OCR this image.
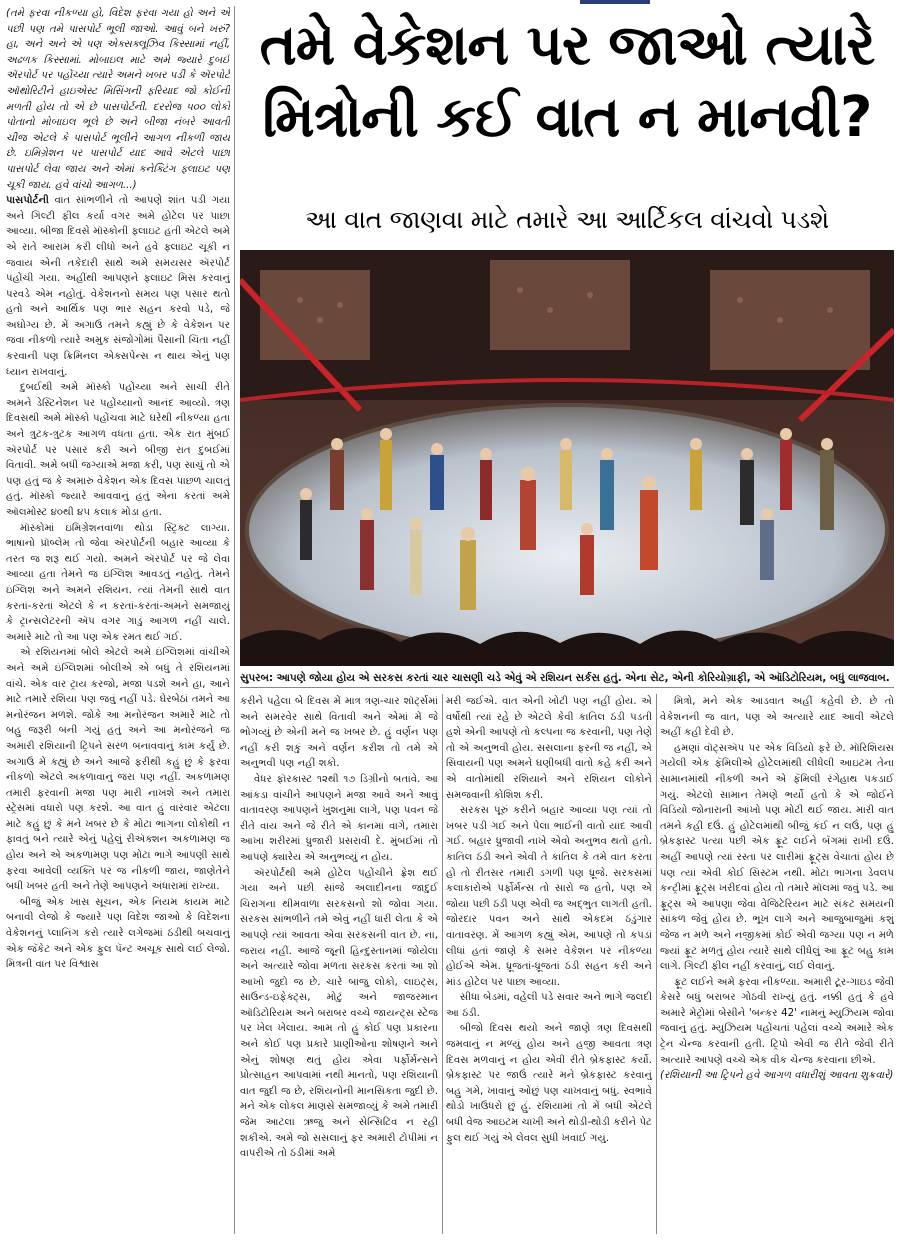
(તમે ફરવા નીકળ્યા હો, વિદેશ ફરવા ગયા હો અને એ પછી પણ તમે પાસપોર્ટ ભૂલી જાઓ. આવું બને ખરું? હા, અને અને એ પણ એક્સક્લૂઝિવ કિસ્સામાં નહીં, અઢળક કિસ્સામાં. મોબાઇલ માટે અમે જ્યારે દુબઈ ઍરપોર્ટ પર પહોંચ્યા ત્યારે અમને ખબર પડી કે ઍરપોર્ટ ઑથોરિટીને હાઇએસ્ટ મિસિંગની ફરિયાદ જો કોઈની મળતી હોય તો એ છે પાસપોર્ટની. દરરોજ ૫૦૦ લોકો પોતાનો મોબાઇલ ભૂલે છે અને બીજા નંબરે આવતી ચીજ એટલે કે પાસપોર્ટ ભૂલીને આગળ નીકળી જાય છે. ઇમિગ્રેશન પર પાસપોર્ટ યાદ આવે એટલે પાછા પાસપોર્ટ લેવા જાય અને એમાં કનેક્ટિંગ ફ્લાઇટ પણ ચૂકી જાય. હવે વાંચો આગળ...)

પાસપોર્ટની વાત સાંભળીને તો આપણે શાંત પડી ગયા અને ગિલ્ટી ફીલ કર્યા વગર અમે હોટેલ પર પાછા આવ્યા. બીજા દિવસે મૉસ્કોની ફ્લાઇટ હતી એટલે અમે એ રાતે આરામ કરી લીધો અને હવે ફ્લાઇટ ચૂકી ન જવાય એની તકેદારી સાથે અમે સમયસર ઍરપોર્ટ પહોંચી ગયા. અહીંથી આપણને ફ્લાઇટ મિસ કરવાનું પરવડે એમ નહોતું. વેકેશનનો સમય પણ પસાર થતો હતો અને આર્થિક પણ ભાર સહન કરવો પડે, જે અઘોગ્ય છે. મેં અગાઉ તમને કહ્યું છે કે વેકેશન પર જવા નીકળો ત્યારે અમુક સંજોગોમાં પૈસાની ચિંતા નહીં કરવાની પણ ક્રિમિનલ એક્સપેન્સ ન થાય એનું પણ ધ્યાન રાખવાનું.

દુબઈથી અમે મૉસ્કો પહોંચ્યા અને સાચી રીતે અમને ડેસ્ટિનેશન પર પહોંચ્યાનો આનંદ આવ્યો. ત્રણ દિવસથી અમે મૉસ્કો પહોંચવા માટે ઘરેથી નીકળ્યા હતા અને ત્રુટક-ત્રુટક આગળ વધતા હતા. એક રાત મુંબઈ ઍરપોર્ટ પર પસાર કરી અને બીજી રાત દુબઈમાં વિતાવી. અમે બધી જગ્યાએ મજા કરી, પણ સાચું તો એ પણ હતું જ કે અમારું વેકેશન એક દિવસ પાછળ ચાલતું હતું. મૉસ્કો જ્યારે આવવાનું હતું એના કરતાં અમે ઑલમોસ્ટ ૪૦થી ૪૫ કલાક મોડા હતા.

મૉસ્કોમાં ઇમિગ્રેશનવાળા થોડા સ્ટ્રિક્ટ લાગ્યા. ભાષાનો પ્રૉબ્લેમ તો જેવા ઍરપોર્ટની બહાર આવ્યા કે તરત જ શરૂ થઈ ગયો. અમને ઍરપોર્ટ પર જે લેવા આવ્યા હતા તેમને જ ઇંગ્લિશ આવડતું નહોતું. તેમને ઇંગ્લિશ અને અમને રશિયન. ત્યાં તેમની સાથે વાત કરતાં-કરતાં એટલે કે ન કરતાં-કરતાં-અમને સમજાયું કે ટ્રાન્સલેટરની ઍપ વગર ગાડું આગળ નહીં ચાલે. અમારે માટે તો આ પણ એક રમત થઈ ગઈ.

એ રશિયનમાં બોલે એટલે અમે ઇંગ્લિશમાં વાંચીએ અને અમે ઇંગ્લિશમાં બોલીએ એ બધું તે રશિયનમાં વાંચે. એક વાર ટ્રાય કરજો, મજા પડશે અને હા, આને માટે તમારે રશિયા પણ જવું નહીં પડે. ઘેરબેઠાં તમને આ મનોરંજન મળશે. જોકે આ મનોરંજન અમારે માટે તો બહુ જરૂરી બની ગયું હતું અને આ મનોરંજને જ અમારી રશિયાની ટ્રિપને સરળ બનાવવાનું કામ કર્યું છે. અગાઉ મેં કહ્યું છે અને આજે ફરીથી કહું છું કે ફરવા નીકળો એટલે અકળાવાનું જરા પણ નહીં. અકળામણ તમારી ફરવાની મજા પણ મારી નાખશે અને તમારા સ્ટ્રેસમાં વધારો પણ કરશે. આ વાત હું વારંવાર એટલા માટે કહું છું કે મને ખબર છે કે મોટા ભાગના લોકોથી ન ફાવતું બને ત્યારે એનું પહેલું રીઍક્શન અકળામણ જ હોય અને એ અકળામણ પણ મોટા ભાગે આપણી સાથે ફરવા આવેલી વ્યક્તિ પર જ નીકળી જાય, જાણેતેને બધી ખબર હતી અને તેણે આપણને અંધારામાં રાખ્યા.

બીજું એક ખાસ સૂચન, એક નિયમ કાયમ માટે બનાવી લેજો કે જ્યારે પણ વિદેશ જાઓ કે વિદેશના વેકેશનનું પ્લાનિંગ કરો ત્યારે લગેજમાં ઠંડીથી બચવાનું એક જૅકેટ અને એક ફુલ પૅન્ટ અચૂક સાથે લઈ લેજો. મિત્રની વાત પર વિશ્વાસ

તમે વેકેશન પર જાઓ ત્યારે
મિત્રોની કઈ વાત ન માનવી?
આ વાત જાણવા માટે તમારે આ આર્ટિકલ વાંચવો પડશે
સુપરબ: આપણે જોયા હોય એ સરકસ કરતાં ચાર ચાસણી ચડે એવું એ રશિયન સર્કસ હતું. એના સેટ, એની કોરિયોગ્રાફી, એ ઑડિટોરિયમ, બધું લાજવાબ.

કરીને પહેલા બે દિવસ મેં માત્ર ત્રણ-ચાર શૉર્ટ્સમાં અને સમરવેર સાથે વિતાવી અને એમાં મેં જે ભોગવ્યું છે એની મને જ ખબર છે. હું વર્ણન પણ નહીં કરી શકું અને વર્ણન કરીશ તો તમે એ અનુભવી પણ નહીં શકો.

વેધર ફૉરકાસ્ટ ૧૨થી ૧૭ ડિગ્રીનો બતાવે. આ આંકડા વાંચીને આપણને મજા આવે અને આવું વાતાવરણ આપણને ખુશનુમા લાગે, પણ પવન જે રીતે વાય અને જે રીતે એ કાનમાં વાગે, તમારા આખા શરીરમાં ધ્રુજારી પ્રસરાવી દે. મુંબઈમાં તો આપણે ક્યારેય એ અનુભવ્યું ન હોય.

ઍરપોર્ટથી અમે હોટેલ પહોંચીને ફ્રેશ થઈ ગયા અને પછી સાંજે અલાદીનના જાદુઈ ચિરાગના થીમવાળા સરકસનો શો જોવા ગયા. સરકસ સાંભળીને તમે એવું નહીં ધારી લેતા કે એ આપણે ત્યાં આવતા એવા સરકસની વાત છે. ના, જરાય નહીં. આજે જૂની હિન્દુસ્તાનમાં જોયેલા અને અત્યારે જોવા મળતા સરકસ કરતાં આ શો આખો જુદો જ છે. ચારે બાજુ લોકો, લાઇટ્સ, સાઉન્ડ-ઇફેક્ટ્સ, મોટું અને જાજરમાન ઑડિટોરિયમ અને બરાબર વચ્ચે જાયન્ટ્સ સ્ટેજ પર ખેલ ખેલાય. આમ તો હું કોઈ પણ પ્રકારના અને કોઈ પણ પ્રકારે પ્રાણીઓના શોષણને અને એનું શોષણ થતું હોય એવા પર્ફોર્મન્સને પ્રોત્સાહન આપવામાં નથી માનતો, પણ રશિયાની વાત જુદી જ છે, રશિયનોની માનસિકતા જુદી છે. મને એક લોકલ માણસે સમજાવ્યું કે અમે તમારી જેમ આટલા ઋજુ અને સેન્સિટિવ ન રહી શકીએ. અમે જો સસલાનું ફર અમારી ટોપીમાં ન વાપરીએ તો ઠંડીમાં અમે

મરી જઈએ. વાત એની ખોટી પણ નહીં હોય. એ વર્ષોથી ત્યાં રહે છે એટલે કેવી કાતિલ ઠંડી પડતી હશે એની આપણે તો કલ્પના જ કરવાની, પણ તેણે તો એ અનુભવી હોય. સસલાના ફરની જ નહીં, એ સિવાયની પણ અમને ઘણીબધી વાતો કહે કરી અને એ વાતોમાંથી રશિયાને અને રશિયન લોકોને સમજવાની કોશિશ કરી.

સરકસ પૂરું કરીને બહાર આવ્યા પણ ત્યાં તો ખબર પડી ગઈ અને પેલા ભાઈની વાતો યાદ આવી ગઈ. બહાર ધ્રુજાવી નાખે એવો અનુભવ થતો હતો. કાતિલ ઠંડી અને એવી તે કાતિલ કે તમે વાત કરતા હો તો રીતસર તમારી ડગળી પણ ધ્રૂજે. સરકસમાં કલાકારોએ પર્ફોર્મન્સ તો સારો જ હતો, પણ એ જોયા પછી ઠંડી પણ એવી જ અદ્ભુત લાગતી હતી. જોરદાર પવન અને સાથે એકદમ ઠંડુંગાર વાતાવરણ. મેં આગળ કહ્યું એમ, આપણે તો કપડાં લીધાં હતાં જાણે કે સમર વેકેશન પર નીકળ્યા હોઈએ એમ. ધ્રૂજતાં-ધ્રૂજતાં ઠંડી સહન કરી અને માંડ હોટેલ પર પાછા આવ્યા.

સીધા બેડમાં, વહેલી પડે સવાર અને ભાગે જલદી આ ઠંડી.

બીજો દિવસ થયો અને જાણે ત્રણ દિવસથી જમવાનું ન મળ્યું હોય અને હજી આવતા ત્રણ દિવસ મળવાનું ન હોય એવી રીતે બ્રેકફાસ્ટ કર્યો. બ્રેકફાસ્ટ પર જાઉં ત્યારે મને બ્રેકફાસ્ટ કરવાનું બહુ ગમે, ખાવાનું ઓછું પણ ચાખવાનું બધું. સ્વભાવે થોડો ખાઉધરો છું હું. રશિયામાં તો મેં બધી એટલે બધી વેજ આઇટમ ચાખી અને થોડી-થોડી કરીને પેટ ફુલ થઈ ગયું એ લેવલ સુધી ખવાઈ ગયું.

મિત્રો, મને એક આડવાત અહીં કહેવી છે. છે તો વેકેશનની જ વાત, પણ એ અત્યારે યાદ આવી એટલે અહીં કહી દેવી છે.

હમણાં વૉટ્સઍપ પર એક વિડિયો ફરે છે. મૉરિશિયસ ગયેલી એક ફૅમિલીએ હોટેલમાંથી લીધેલી આઇટમ તેના સામાનમાંથી નીકળી અને એ ફૅમિલી રંગેહાથ પકડાઈ ગયું. એટલો સામાન તેમણે ભર્યો હતો કે એ જોઈને વિડિયો જોનારાની આંખો પણ મોટી થઈ જાય. મારી વાત તમને કહી દઉં. હું હોટેલમાંથી બીજું કંઈ ન લઉં, પણ હું બ્રેકફાસ્ટ પત્યા પછી એક ફ્રૂટ લઈને બૅગમાં રાખી દઉં. અહીં આપણે ત્યાં રસ્તા પર લારીમાં ફ્રૂટ્સ વેચાતાં હોય છે પણ ત્યાં એવી કોઈ સિસ્ટમ નથી. મોટા ભાગના ડેવલપ કન્ટ્રીમાં ફ્રૂટ્સ ખરીદવાં હોય તો તમારે મૉલમાં જવું પડે. આ ફ્રૂટ્સ એ આપણા જેવા વેજિટેરિયન માટે સંકટ સમયની સાંકળ જેવું હોય છે. ભૂખ લાગે અને આજુબાજુમાં કશું જેજ ન મળે અને નજીકમાં કોઈ એવી જગ્યા પણ ન મળે જ્યાં ફ્રૂટ મળતું હોય ત્યારે સાથે લીધેલું આ ફ્રૂટ બહુ કામ લાગે. ગિલ્ટી ફીલ નહીં કરવાનું, લઈ લેવાનું.

ફ્રૂટ લઈને અમે ફરવા નીકળ્યા. અમારી ટૂર-ગાઇડ જેવી કેસરે બધું બરાબર ગોઠવી રાખ્યું હતું. નક્કી હતું કે હવે અમારે મેટ્રોમાં બેસીને 'બન્કર 42' નામનું મ્યુઝિયમ જોવા જવાનું હતું. મ્યુઝિયમ પહોંચતાં પહેલાં વચ્ચે અમારે એક ટ્રેન ચેન્જ કરવાની હતી. ટ્રિપો એવી જ રીતે જેવી રીતે અત્યારે આપણે વચ્ચે એક વીક ચેન્જ કરવાના છીએ.

(રશિયાની આ ટ્રિપને હવે આગળ વધારીશું આવતા શુક્રવારે)
